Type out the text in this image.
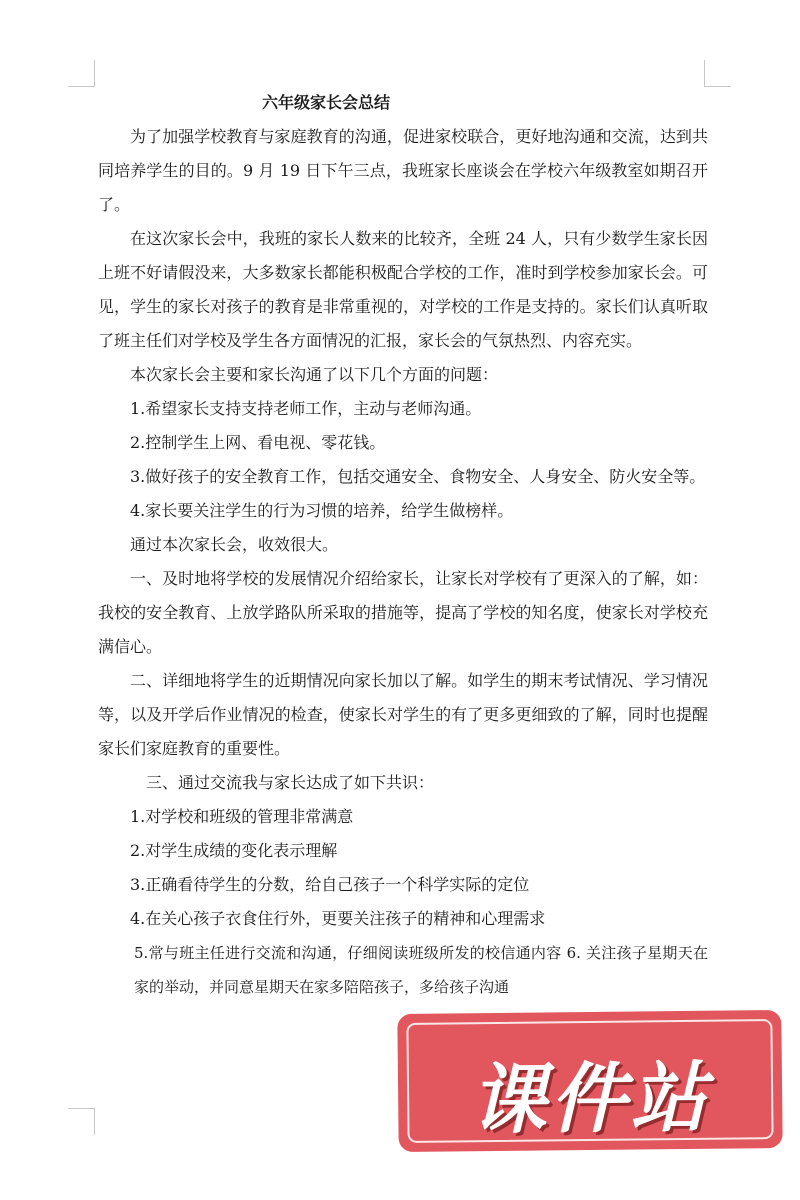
六年级家长会总结

为了加强学校教育与家庭教育的沟通，促进家校联合，更好地沟通和交流，达到共同培养学生的目的。9 月 19 日下午三点，我班家长座谈会在学校六年级教室如期召开了。

在这次家长会中，我班的家长人数来的比较齐，全班 24 人，只有少数学生家长因上班不好请假没来，大多数家长都能积极配合学校的工作，准时到学校参加家长会。可见，学生的家长对孩子的教育是非常重视的，对学校的工作是支持的。家长们认真听取了班主任们对学校及学生各方面情况的汇报，家长会的气氛热烈、内容充实。

本次家长会主要和家长沟通了以下几个方面的问题：

1.希望家长支持支持老师工作，主动与老师沟通。

2.控制学生上网、看电视、零花钱。

3.做好孩子的安全教育工作，包括交通安全、食物安全、人身安全、防火安全等。

4.家长要关注学生的行为习惯的培养，给学生做榜样。

通过本次家长会，收效很大。

一、及时地将学校的发展情况介绍给家长，让家长对学校有了更深入的了解，如：我校的安全教育、上放学路队所采取的措施等，提高了学校的知名度，使家长对学校充满信心。

二、详细地将学生的近期情况向家长加以了解。如学生的期末考试情况、学习情况等，以及开学后作业情况的检查，使家长对学生的有了更多更细致的了解，同时也提醒家长们家庭教育的重要性。

三、通过交流我与家长达成了如下共识：

1.对学校和班级的管理非常满意

2.对学生成绩的变化表示理解

3.正确看待学生的分数，给自己孩子一个科学实际的定位

4.在关心孩子衣食住行外，更要关注孩子的精神和心理需求

5.常与班主任进行交流和沟通，仔细阅读班级所发的校信通内容 6. 关注孩子星期天在家的举动，并同意星期天在家多陪陪孩子，多给孩子沟通

课件站
